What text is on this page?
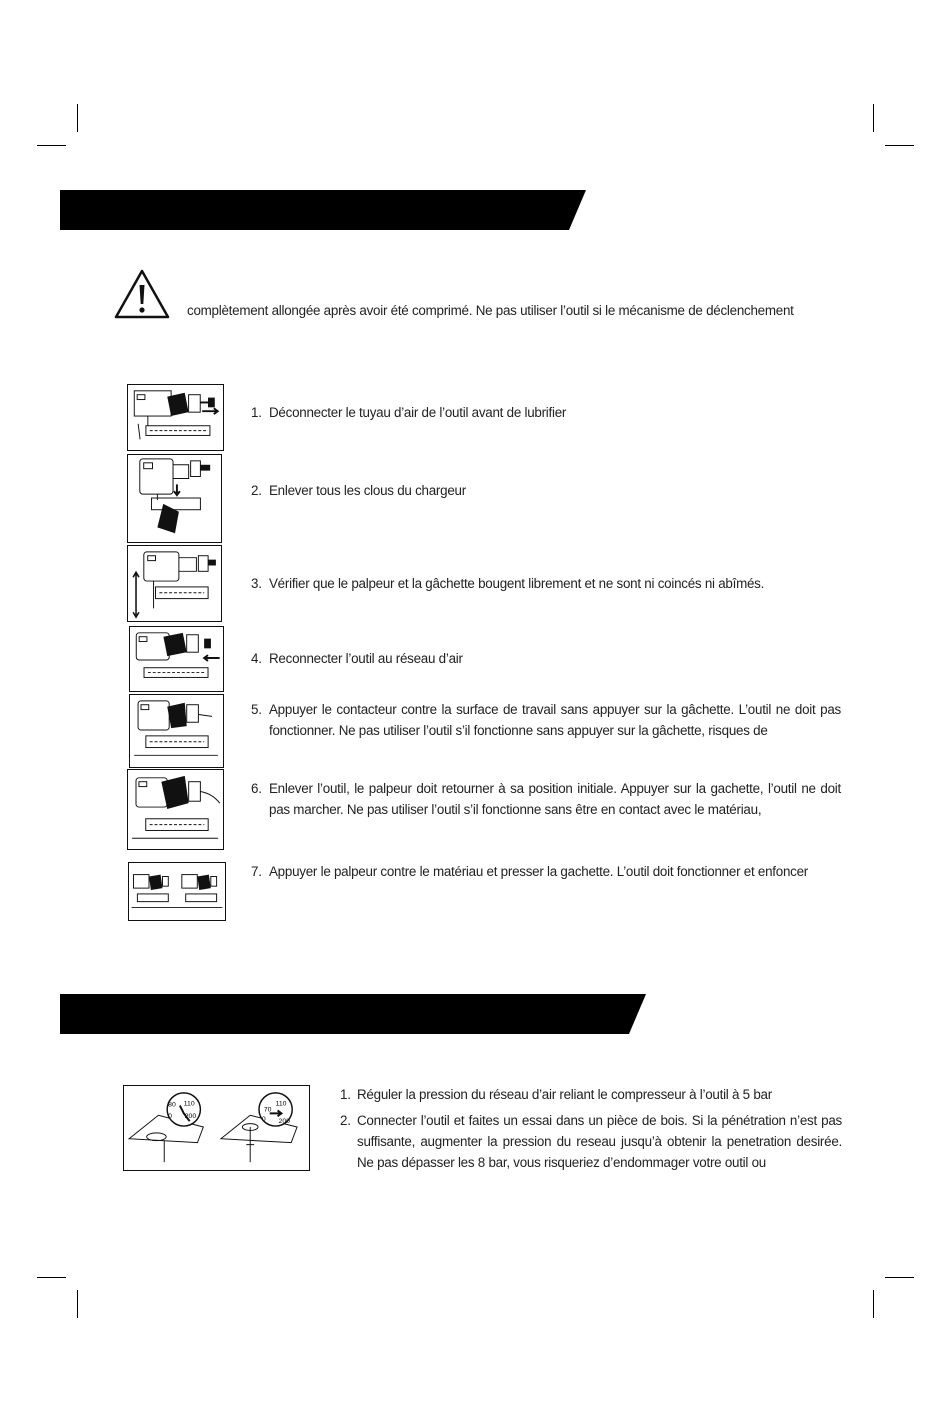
complètement allongée après avoir été comprimé. Ne pas utiliser l’outil si le mécanisme de déclenchement
1. Déconnecter le tuyau d’air de l’outil avant de lubrifier
2. Enlever tous les clous du chargeur
3. Vérifier que le palpeur et la gâchette bougent librement et ne sont ni coincés ni abîmés.
4. Reconnecter l’outil au réseau d’air
5. Appuyer le contacteur contre la surface de travail sans appuyer sur la gâchette. L’outil ne doit pas fonctionner. Ne pas utiliser l’outil s’il fonctionne sans appuyer sur la gâchette, risques de
6. Enlever l’outil, le palpeur doit retourner à sa position initiale. Appuyer sur la gachette, l’outil ne doit pas marcher. Ne pas utiliser l’outil s’il fonctionne sans être en contact avec le matériau,
7. Appuyer le palpeur contre le matériau et presser la gachette. L’outil doit fonctionner et enfoncer
80 110
0 200
110
70
0 200
1. Réguler la pression du réseau d’air reliant le compresseur à l’outil à 5 bar
2. Connecter l’outil et faites un essai dans un pièce de bois. Si la pénétration n’est pas suffisante, augmenter la pression du reseau jusqu’à obtenir la penetration desirée. Ne pas dépasser les 8 bar, vous risqueriez d’endommager votre outil ou
